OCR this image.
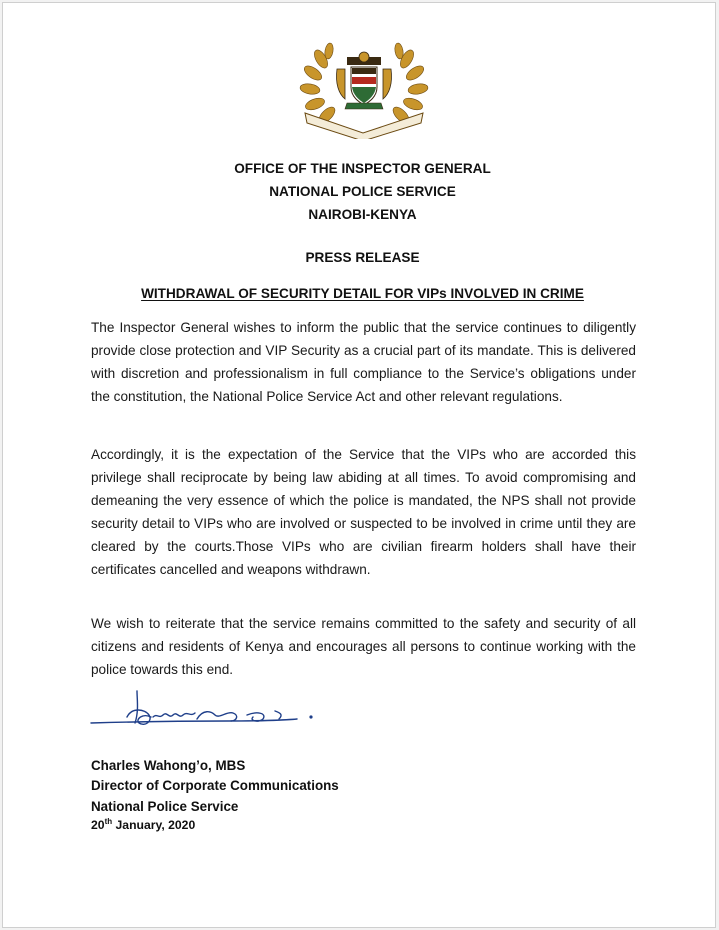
OFFICE OF THE INSPECTOR GENERAL
NATIONAL POLICE SERVICE
NAIROBI-KENYA
PRESS RELEASE
WITHDRAWAL OF SECURITY DETAIL FOR VIPs INVOLVED IN CRIME

The Inspector General wishes to inform the public that the service continues to diligently provide close protection and VIP Security as a crucial part of its mandate. This is delivered with discretion and professionalism in full compliance to the Service’s obligations under the constitution, the National Police Service Act and other relevant regulations.

Accordingly, it is the expectation of the Service that the VIPs who are accorded this privilege shall reciprocate by being law abiding at all times. To avoid compromising and demeaning the very essence of which the police is mandated, the NPS shall not provide security detail to VIPs who are involved or suspected to be involved in crime until they are cleared by the courts.Those VIPs who are civilian firearm holders shall have their certificates cancelled and weapons withdrawn.

We wish to reiterate that the service remains committed to the safety and security of all citizens and residents of Kenya and encourages all persons to continue working with the police towards this end.

Charles Wahong’o, MBS
Director of Corporate Communications
National Police Service
20th January, 2020
